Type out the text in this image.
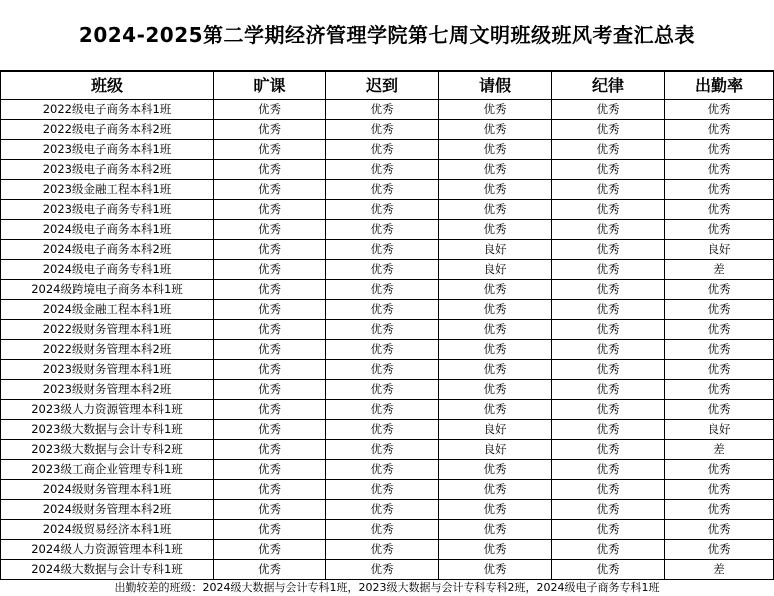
2024-2025第二学期经济管理学院第七周文明班级班风考查汇总表
班级	旷课	迟到	请假	纪律	出勤率
2022级电子商务本科1班	优秀	优秀	优秀	优秀	优秀
2022级电子商务本科2班	优秀	优秀	优秀	优秀	优秀
2023级电子商务本科1班	优秀	优秀	优秀	优秀	优秀
2023级电子商务本科2班	优秀	优秀	优秀	优秀	优秀
2023级金融工程本科1班	优秀	优秀	优秀	优秀	优秀
2023级电子商务专科1班	优秀	优秀	优秀	优秀	优秀
2024级电子商务本科1班	优秀	优秀	优秀	优秀	优秀
2024级电子商务本科2班	优秀	优秀	良好	优秀	良好
2024级电子商务专科1班	优秀	优秀	良好	优秀	差
2024级跨境电子商务本科1班	优秀	优秀	优秀	优秀	优秀
2024级金融工程本科1班	优秀	优秀	优秀	优秀	优秀
2022级财务管理本科1班	优秀	优秀	优秀	优秀	优秀
2022级财务管理本科2班	优秀	优秀	优秀	优秀	优秀
2023级财务管理本科1班	优秀	优秀	优秀	优秀	优秀
2023级财务管理本科2班	优秀	优秀	优秀	优秀	优秀
2023级人力资源管理本科1班	优秀	优秀	优秀	优秀	优秀
2023级大数据与会计专科1班	优秀	优秀	良好	优秀	良好
2023级大数据与会计专科2班	优秀	优秀	良好	优秀	差
2023级工商企业管理专科1班	优秀	优秀	优秀	优秀	优秀
2024级财务管理本科1班	优秀	优秀	优秀	优秀	优秀
2024级财务管理本科2班	优秀	优秀	优秀	优秀	优秀
2024级贸易经济本科1班	优秀	优秀	优秀	优秀	优秀
2024级人力资源管理本科1班	优秀	优秀	优秀	优秀	优秀
2024级大数据与会计专科1班	优秀	优秀	优秀	优秀	差
出勤较差的班级：2024级大数据与会计专科1班，2023级大数据与会计专科专科2班，2024级电子商务专科1班
